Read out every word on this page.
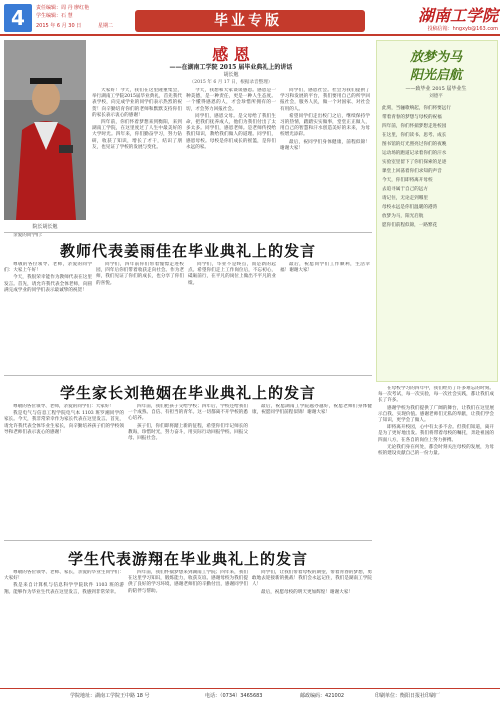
4	责任编辑：周 丹 廖红艳
学生编辑：石 慧
2015 年 6 月 30 日	星期二	毕业专版	湖南工学院
投稿信箱：hngxyb@163.com
院长胡长勉

亲爱的同学们：

感 恩
——在湖南工学院 2015 届毕业典礼上的讲话
胡长勉
（2015 年 6 月 17 日，根据录音整理）

大家好！今天，我们在这里隆重集会，举行湖南工学院2015届毕业典礼，首先我代表学校，向完成学业的同学们表示热烈的祝贺！向辛勤培育你们的老师和默默支持你们的家长表示衷心的感谢！

四年前，你们怀着梦想来到衡阳，来到湖南工学院，在这里度过了人生中最美好的大学时光。四年来，你们勤奋学习，努力钻研，收获了知识，增长了才干，结识了朋友，也见证了学校的发展与变化。

今天，我想和大家谈谈感恩。感恩是一种美德，是一种责任，更是一种人生态度。一个懂得感恩的人，才会珍惜所拥有的一切，才会努力回报社会。

同学们，感恩父母。是父母给了我们生命，把我们抚养成人，他们为我们付出了太多太多。同学们，感恩老师。是老师传授给我们知识，教给我们做人的道理。同学们，感恩母校。母校是你们成长的摇篮，是你们永远的家。

同学们，感恩社会。社会为我们提供了学习和发展的平台，我们要用自己的所学回报社会，服务人民，做一个对国家、对社会有用的人。

希望同学们走出校门之后，继续保持学习的热情，踏踏实实做事，堂堂正正做人，用自己的智慧和汗水创造美好的未来，为母校增光添彩。

最后，祝同学们身体健康，前程似锦！谢谢大家！

放梦为马
阳光启航
——致毕业 2015 届毕业生
刘德平
此刻，当骊歌响起，你们将要远行
带着青春的梦想与母校的祝福
四年前，你们怀揣梦想走进校园
在这里，你们读书、思考、成长
图书馆的灯光照亮过你们的夜晚
运动场的跑道记录着你们的汗水
实验室里留下了你们探索的足迹
课堂上回荡着你们求知的声音
今天，你们即将离开母校
去追寻属于自己的远方
请记住，无论走到哪里
母校永远是你们温暖的港湾
放梦为马，阳光启航
愿你们前程似锦，一路繁花
教师代表姜雨佳在毕业典礼上的发言

尊敬的各位领导、老师，亲爱的同学们：大家上午好！

今天，我很荣幸能作为教师代表在这里发言。首先，请允许我代表全体老师，向圆满完成学业的同学们表示最诚挚的祝贺！

同学们，四年前你们带着憧憬走进校园，四年后你们带着收获走向社会。作为老师，我们见证了你们的成长，也分享了你们的喜悦。

同学们，毕业不是终点，而是新的起点。希望你们走上工作岗位后，不忘初心，砥砺前行，在平凡的岗位上做出不平凡的业绩。

最后，祝愿同学们工作顺利，生活幸福！谢谢大家！

学生家长刘艳姻在毕业典礼上的发言

尊敬的各位领导、老师，亲爱的同学们：大家好！

我是电气与信息工程学院电气本 1103 班罗湘同学的家长。今天，我非常荣幸作为家长代表在这里发言。首先，请允许我代表全体毕业生家长，向辛勤培养孩子们的学校领导和老师们表示衷心的感谢！

四年前，我们把孩子交给学校；四年后，学校还给我们一个成熟、自信、有担当的青年。这一切都离不开学校的悉心培养。

孩子们，你们即将踏上新的征程，希望你们牢记师长的教诲，珍惜时光，努力奋斗，用实际行动回报学校、回报父母、回报社会。

最后，祝愿湖南工学院越办越好，祝愿老师们身体健康，祝愿同学们前程似锦！谢谢大家！

学生代表游翔在毕业典礼上的发言

尊敬的各位领导、老师、家长，亲爱的毕业生同学们：大家好！

我是来自计算机与信息科学学院软件 1103 班的游翔。能够作为毕业生代表在这里发言，我感到非常荣幸。

四年前，我们怀揣梦想来到湖南工学院；四年来，我们在这里学习知识，锻炼能力，收获友谊。感谢母校为我们提供了良好的学习环境，感谢老师们的辛勤付出，感谢同学们的陪伴与帮助。

同学们，让我们带着母校的期望，带着青春的梦想，勇敢地去迎接新的挑战！我们会永远记住，我们是湖南工学院人！

最后，祝愿母校的明天更加辉煌！谢谢大家！

在母校学习的四年中，我们经历了许多难忘的时刻。每一次考试，每一次实验，每一次社会实践，都让我们成长了许多。

感谢学校为我们提供了广阔的舞台，让我们在这里展示自我、实现价值。感谢老师们无私的奉献，让我们学会了知识，更学会了做人。

即将离开校园，心中有太多不舍。但我们知道，离开是为了更好地出发。我们将带着母校的嘱托，奔赴祖国的四面八方，在各自的岗位上努力拼搏。

无论我们身在何处，都会时刻关注母校的发展，为母校的建设贡献自己的一份力量。

学院地址：湖南工学院王中路 18 号	电话：（0734）3465683	邮政编码：421002	印刷单位：衡阳日报社印刷厂
